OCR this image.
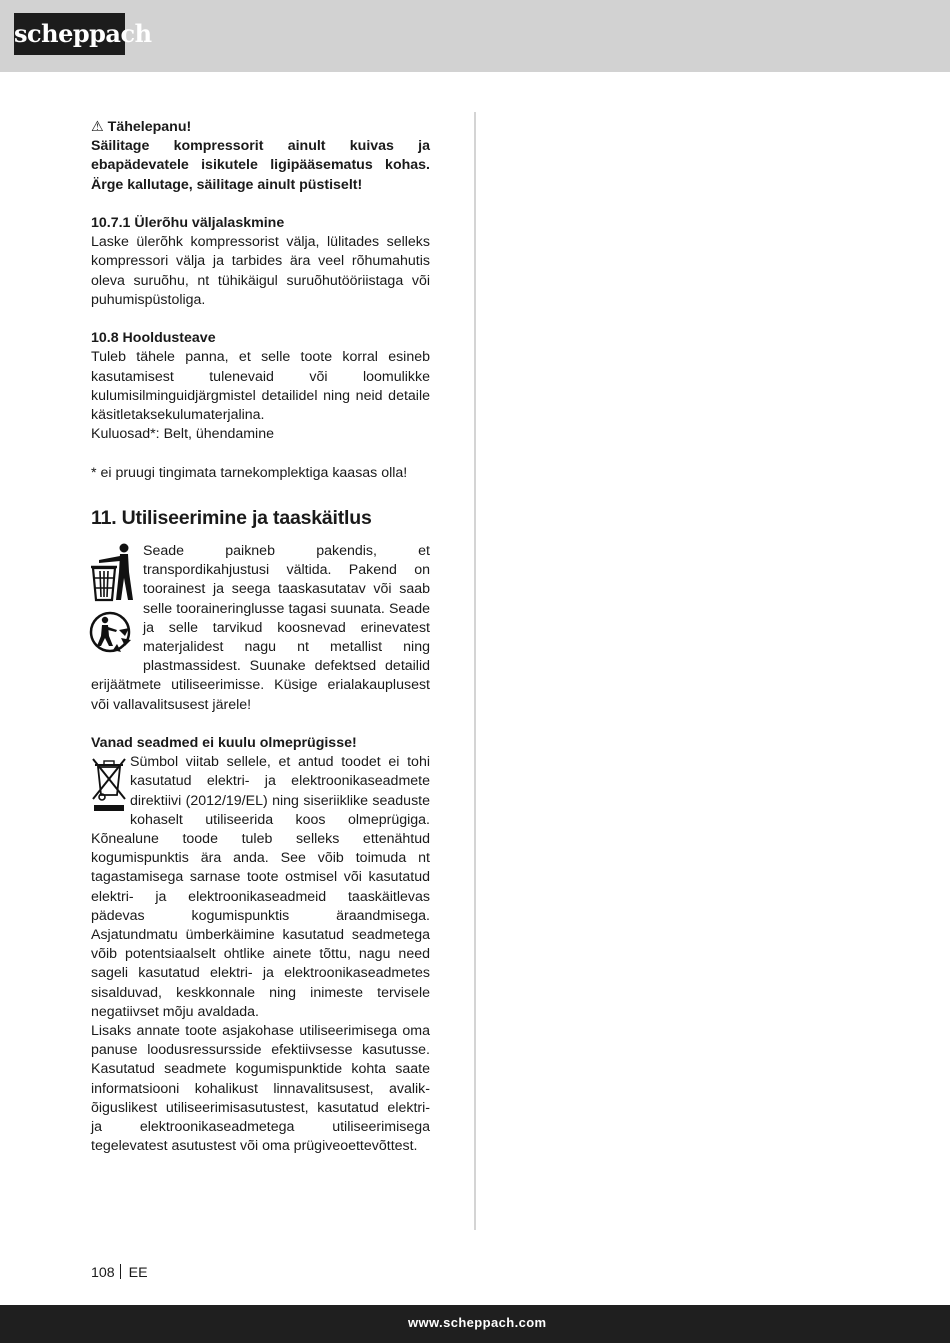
scheppach

⚠ Tähelepanu!

Säilitage kompressorit ainult kuivas ja ebapädevatele isikutele ligipääsematus kohas. Ärge kallutage, säilitage ainult püstiselt!

10.7.1 Ülerõhu väljalaskmine

Laske ülerõhk kompressorist välja, lülitades selleks kompressori välja ja tarbides ära veel rõhumahutis oleva suruõhu, nt tühikäigul suruõhutööriistaga või puhumispüstoliga.

10.8 Hooldusteave

Tuleb tähele panna, et selle toote korral esineb kasutamisest tulenevaid või loomulikke kulumisilminguidjärgmistel detailidel ning neid detaile käsitletaksekulumaterjalina.

Kuluosad*: Belt, ühendamine

* ei pruugi tingimata tarnekomplektiga kaasas olla!

11. Utiliseerimine ja taaskäitlus

Seade paikneb pakendis, et transpordikahjustusi vältida. Pakend on toorainest ja seega taaskasutatav või saab selle tooraineringlusse tagasi suunata. Seade ja selle tarvikud koosnevad erinevatest materjalidest nagu nt metallist ning plastmassidest. Suunake defektsed detailid erijäätmete utiliseerimisse. Küsige erialakauplusest või vallavalitsusest järele!

Vanad seadmed ei kuulu olmeprügisse!

Sümbol viitab sellele, et antud toodet ei tohi kasutatud elektri- ja elektroonikaseadmete direktiivi (2012/19/EL) ning siseriiklike seaduste kohaselt utiliseerida koos olmeprügiga. Kõnealune toode tuleb selleks ettenähtud kogumispunktis ära anda. See võib toimuda nt tagastamisega sarnase toote ostmisel või kasutatud elektri- ja elektroonikaseadmeid taaskäitlevas pädevas kogumispunktis äraandmisega. Asjatundmatu ümberkäimine kasutatud seadmetega võib potentsiaalselt ohtlike ainete tõttu, nagu need sageli kasutatud elektri- ja elektroonikaseadmetes sisalduvad, keskkonnale ning inimeste tervisele negatiivset mõju avaldada.

Lisaks annate toote asjakohase utiliseerimisega oma panuse loodusressursside efektiivsesse kasutusse. Kasutatud seadmete kogumispunktide kohta saate informatsiooni kohalikust linnavalitsusest, avalik-õiguslikest utiliseerimisasutustest, kasutatud elektri- ja elektroonikaseadmetega utiliseerimisega tegelevatest asutustest või oma prügiveoettevõttest.

108 EE
www.scheppach.com
